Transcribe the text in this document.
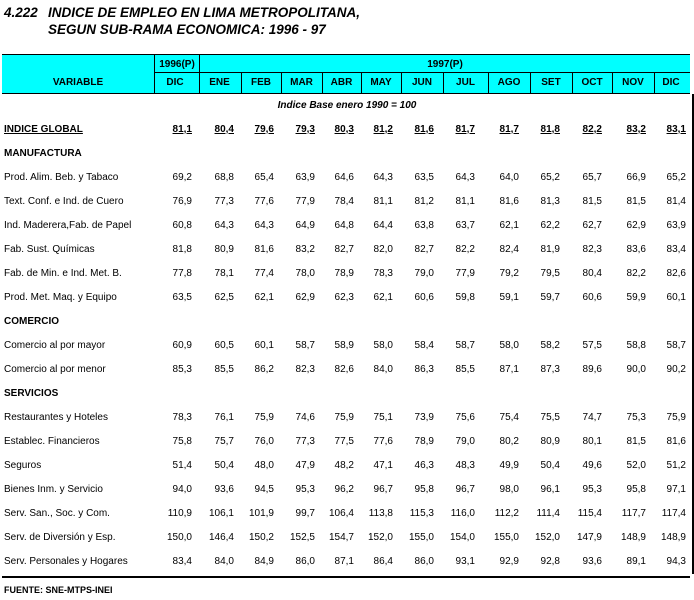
4.222 INDICE DE EMPLEO EN LIMA METROPOLITANA,
SEGUN SUB-RAMA ECONOMICA: 1996 - 97
VARIABLE
1996(P)	1997(P)
DIC	ENE	FEB	MAR	ABR	MAY	JUN	JUL	AGO	SET	OCT	NOV	DIC
Indice Base enero 1990 = 100
INDICE GLOBAL	81,1	80,4	79,6	79,3	80,3	81,2	81,6	81,7	81,7	81,8	82,2	83,2	83,1
MANUFACTURA
Prod. Alim. Beb. y Tabaco	69,2	68,8	65,4	63,9	64,6	64,3	63,5	64,3	64,0	65,2	65,7	66,9	65,2
Text. Conf. e Ind. de Cuero	76,9	77,3	77,6	77,9	78,4	81,1	81,2	81,1	81,6	81,3	81,5	81,5	81,4
Ind. Maderera,Fab. de Papel	60,8	64,3	64,3	64,9	64,8	64,4	63,8	63,7	62,1	62,2	62,7	62,9	63,9
Fab. Sust. Químicas	81,8	80,9	81,6	83,2	82,7	82,0	82,7	82,2	82,4	81,9	82,3	83,6	83,4
Fab. de Min. e Ind. Met. B.	77,8	78,1	77,4	78,0	78,9	78,3	79,0	77,9	79,2	79,5	80,4	82,2	82,6
Prod. Met. Maq. y Equipo	63,5	62,5	62,1	62,9	62,3	62,1	60,6	59,8	59,1	59,7	60,6	59,9	60,1
COMERCIO
Comercio al por mayor	60,9	60,5	60,1	58,7	58,9	58,0	58,4	58,7	58,0	58,2	57,5	58,8	58,7
Comercio al por menor	85,3	85,5	86,2	82,3	82,6	84,0	86,3	85,5	87,1	87,3	89,6	90,0	90,2
SERVICIOS
Restaurantes y Hoteles	78,3	76,1	75,9	74,6	75,9	75,1	73,9	75,6	75,4	75,5	74,7	75,3	75,9
Establec. Financieros	75,8	75,7	76,0	77,3	77,5	77,6	78,9	79,0	80,2	80,9	80,1	81,5	81,6
Seguros	51,4	50,4	48,0	47,9	48,2	47,1	46,3	48,3	49,9	50,4	49,6	52,0	51,2
Bienes Inm. y Servicio	94,0	93,6	94,5	95,3	96,2	96,7	95,8	96,7	98,0	96,1	95,3	95,8	97,1
Serv. San., Soc. y Com.	110,9	106,1	101,9	99,7	106,4	113,8	115,3	116,0	112,2	111,4	115,4	117,7	117,4
Serv. de Diversión y Esp.	150,0	146,4	150,2	152,5	154,7	152,0	155,0	154,0	155,0	152,0	147,9	148,9	148,9
Serv. Personales y Hogares	83,4	84,0	84,9	86,0	87,1	86,4	86,0	93,1	92,9	92,8	93,6	89,1	94,3
FUENTE: SNE-MTPS-INEI
